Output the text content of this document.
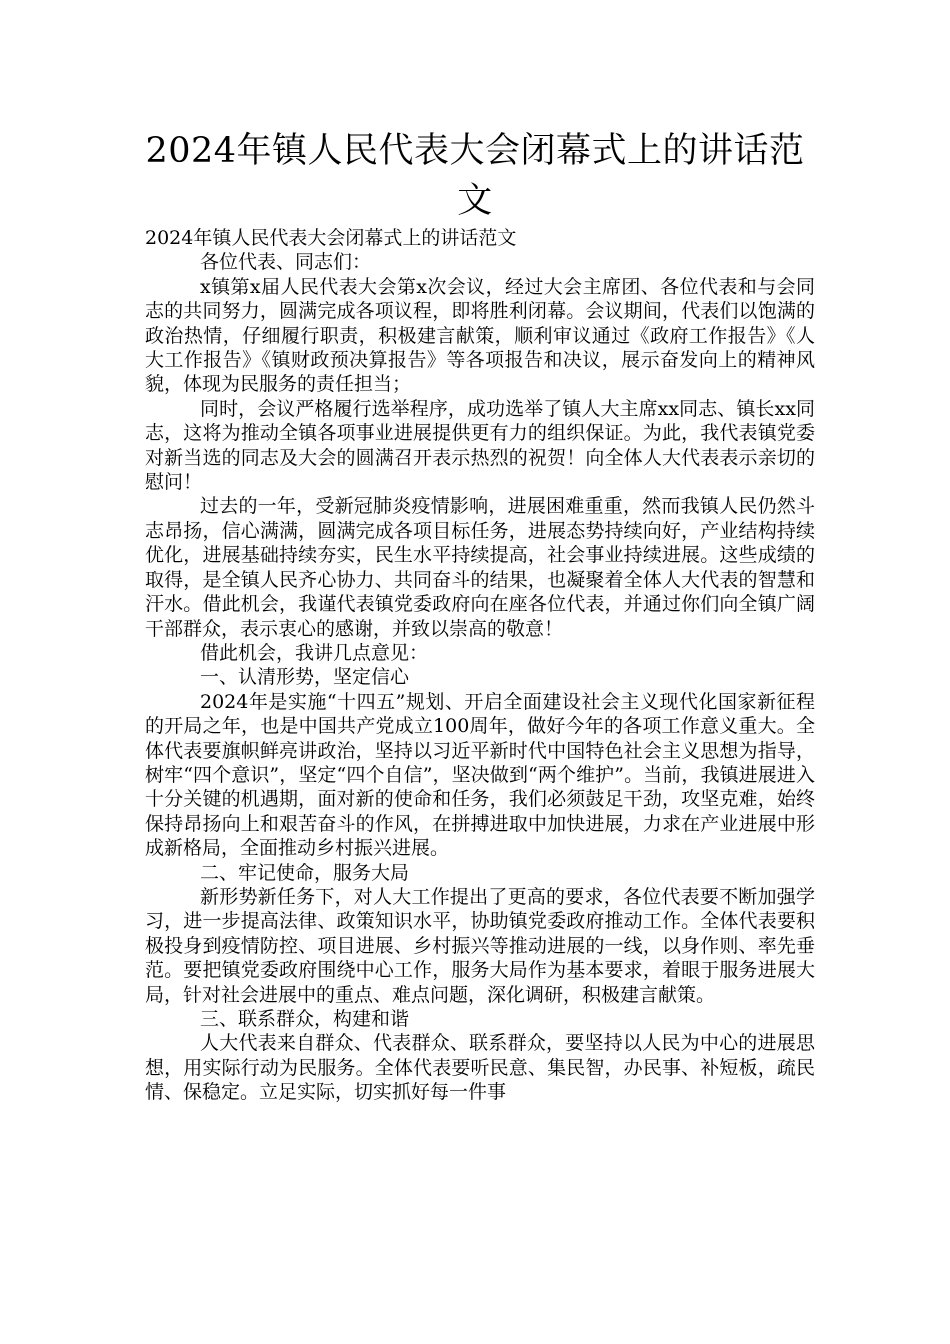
2024年镇人民代表大会闭幕式上的讲话范文

2024年镇人民代表大会闭幕式上的讲话范文

各位代表、同志们：

x镇第x届人民代表大会第x次会议，经过大会主席团、各位代表和与会同志的共同努力，圆满完成各项议程，即将胜利闭幕。会议期间，代表们以饱满的政治热情，仔细履行职责，积极建言献策，顺利审议通过《政府工作报告》《人大工作报告》《镇财政预决算报告》等各项报告和决议，展示奋发向上的精神风貌，体现为民服务的责任担当；

同时，会议严格履行选举程序，成功选举了镇人大主席xx同志、镇长xx同志，这将为推动全镇各项事业进展提供更有力的组织保证。为此，我代表镇党委对新当选的同志及大会的圆满召开表示热烈的祝贺！向全体人大代表表示亲切的慰问！

过去的一年，受新冠肺炎疫情影响，进展困难重重，然而我镇人民仍然斗志昂扬，信心满满，圆满完成各项目标任务，进展态势持续向好，产业结构持续优化，进展基础持续夯实，民生水平持续提高，社会事业持续进展。这些成绩的取得，是全镇人民齐心协力、共同奋斗的结果，也凝聚着全体人大代表的智慧和汗水。借此机会，我谨代表镇党委政府向在座各位代表，并通过你们向全镇广阔干部群众，表示衷心的感谢，并致以崇高的敬意！

借此机会，我讲几点意见：

一、认清形势，坚定信心

2024年是实施“十四五”规划、开启全面建设社会主义现代化国家新征程的开局之年，也是中国共产党成立100周年，做好今年的各项工作意义重大。全体代表要旗帜鲜亮讲政治，坚持以习近平新时代中国特色社会主义思想为指导，树牢“四个意识”，坚定“四个自信”，坚决做到“两个维护”。当前，我镇进展进入十分关键的机遇期，面对新的使命和任务，我们必须鼓足干劲，攻坚克难，始终保持昂扬向上和艰苦奋斗的作风，在拼搏进取中加快进展，力求在产业进展中形成新格局，全面推动乡村振兴进展。

二、牢记使命，服务大局

新形势新任务下，对人大工作提出了更高的要求，各位代表要不断加强学习，进一步提高法律、政策知识水平，协助镇党委政府推动工作。全体代表要积极投身到疫情防控、项目进展、乡村振兴等推动进展的一线，以身作则、率先垂范。要把镇党委政府围绕中心工作，服务大局作为基本要求，着眼于服务进展大局，针对社会进展中的重点、难点问题，深化调研，积极建言献策。

三、联系群众，构建和谐

人大代表来自群众、代表群众、联系群众，要坚持以人民为中心的进展思想，用实际行动为民服务。全体代表要听民意、集民智，办民事、补短板，疏民情、保稳定。立足实际，切实抓好每一件事
